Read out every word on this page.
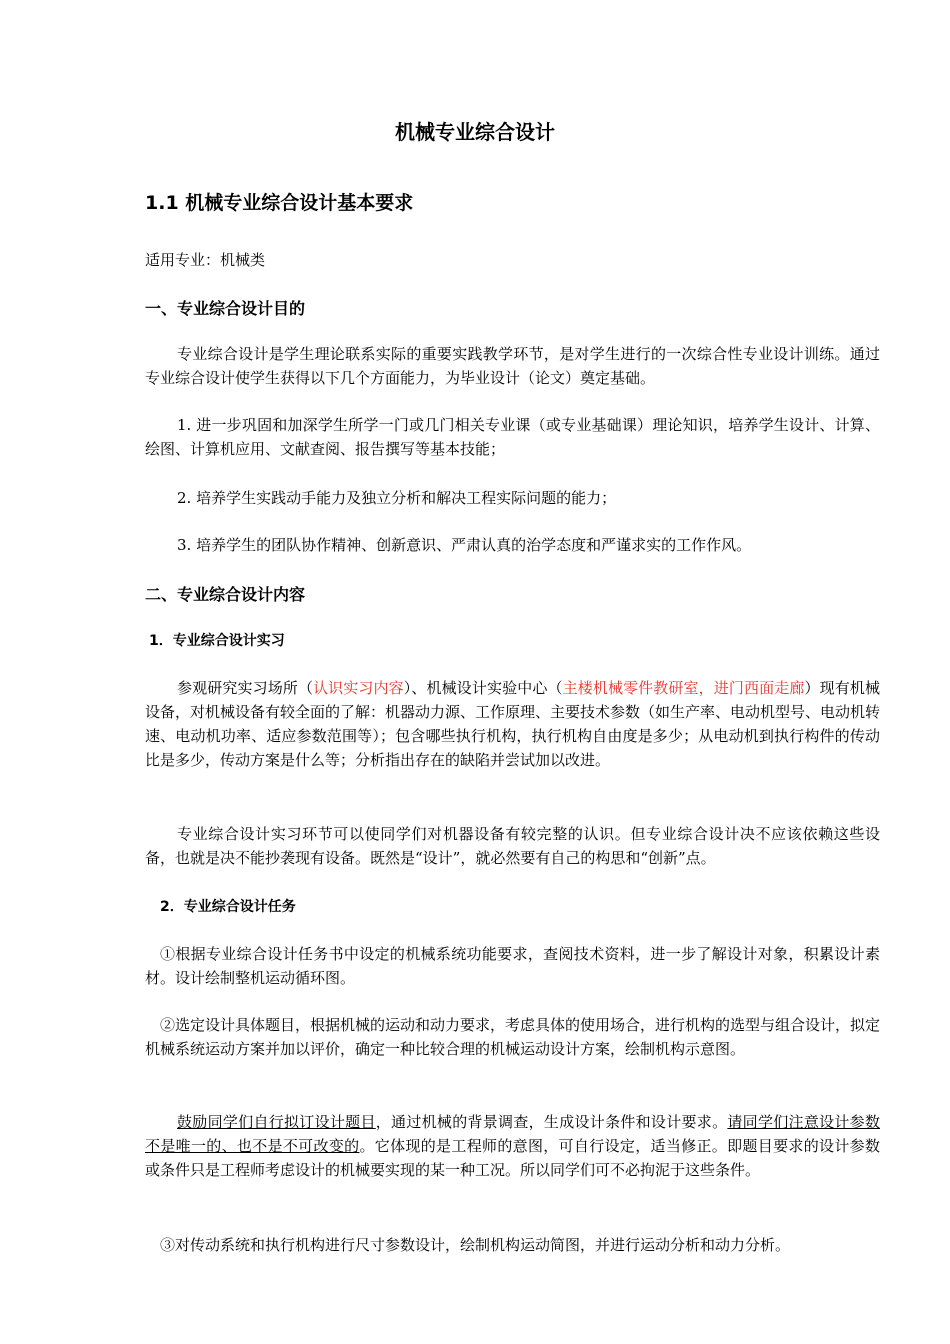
机械专业综合设计
1.1 机械专业综合设计基本要求
适用专业：机械类
一、专业综合设计目的
专业综合设计是学生理论联系实际的重要实践教学环节，是对学生进行的一次综合性专业设计训练。通过专业综合设计使学生获得以下几个方面能力，为毕业设计（论文）奠定基础。
1. 进一步巩固和加深学生所学一门或几门相关专业课（或专业基础课）理论知识，培养学生设计、计算、绘图、计算机应用、文献查阅、报告撰写等基本技能；
2. 培养学生实践动手能力及独立分析和解决工程实际问题的能力；
3. 培养学生的团队协作精神、创新意识、严肃认真的治学态度和严谨求实的工作作风。
二、专业综合设计内容
1．专业综合设计实习
参观研究实习场所（认识实习内容）、机械设计实验中心（主楼机械零件教研室，进门西面走廊）现有机械设备，对机械设备有较全面的了解：机器动力源、工作原理、主要技术参数（如生产率、电动机型号、电动机转速、电动机功率、适应参数范围等）；包含哪些执行机构，执行机构自由度是多少；从电动机到执行构件的传动比是多少，传动方案是什么等；分析指出存在的缺陷并尝试加以改进。
专业综合设计实习环节可以使同学们对机器设备有较完整的认识。但专业综合设计决不应该依赖这些设备，也就是决不能抄袭现有设备。既然是“设计”，就必然要有自己的构思和“创新”点。
2．专业综合设计任务
①根据专业综合设计任务书中设定的机械系统功能要求，查阅技术资料，进一步了解设计对象，积累设计素材。设计绘制整机运动循环图。
②选定设计具体题目，根据机械的运动和动力要求，考虑具体的使用场合，进行机构的选型与组合设计，拟定机械系统运动方案并加以评价，确定一种比较合理的机械运动设计方案，绘制机构示意图。
鼓励同学们自行拟订设计题目，通过机械的背景调查，生成设计条件和设计要求。请同学们注意设计参数不是唯一的、也不是不可改变的。它体现的是工程师的意图，可自行设定，适当修正。即题目要求的设计参数或条件只是工程师考虑设计的机械要实现的某一种工况。所以同学们可不必拘泥于这些条件。
③对传动系统和执行机构进行尺寸参数设计，绘制机构运动简图，并进行运动分析和动力分析。
